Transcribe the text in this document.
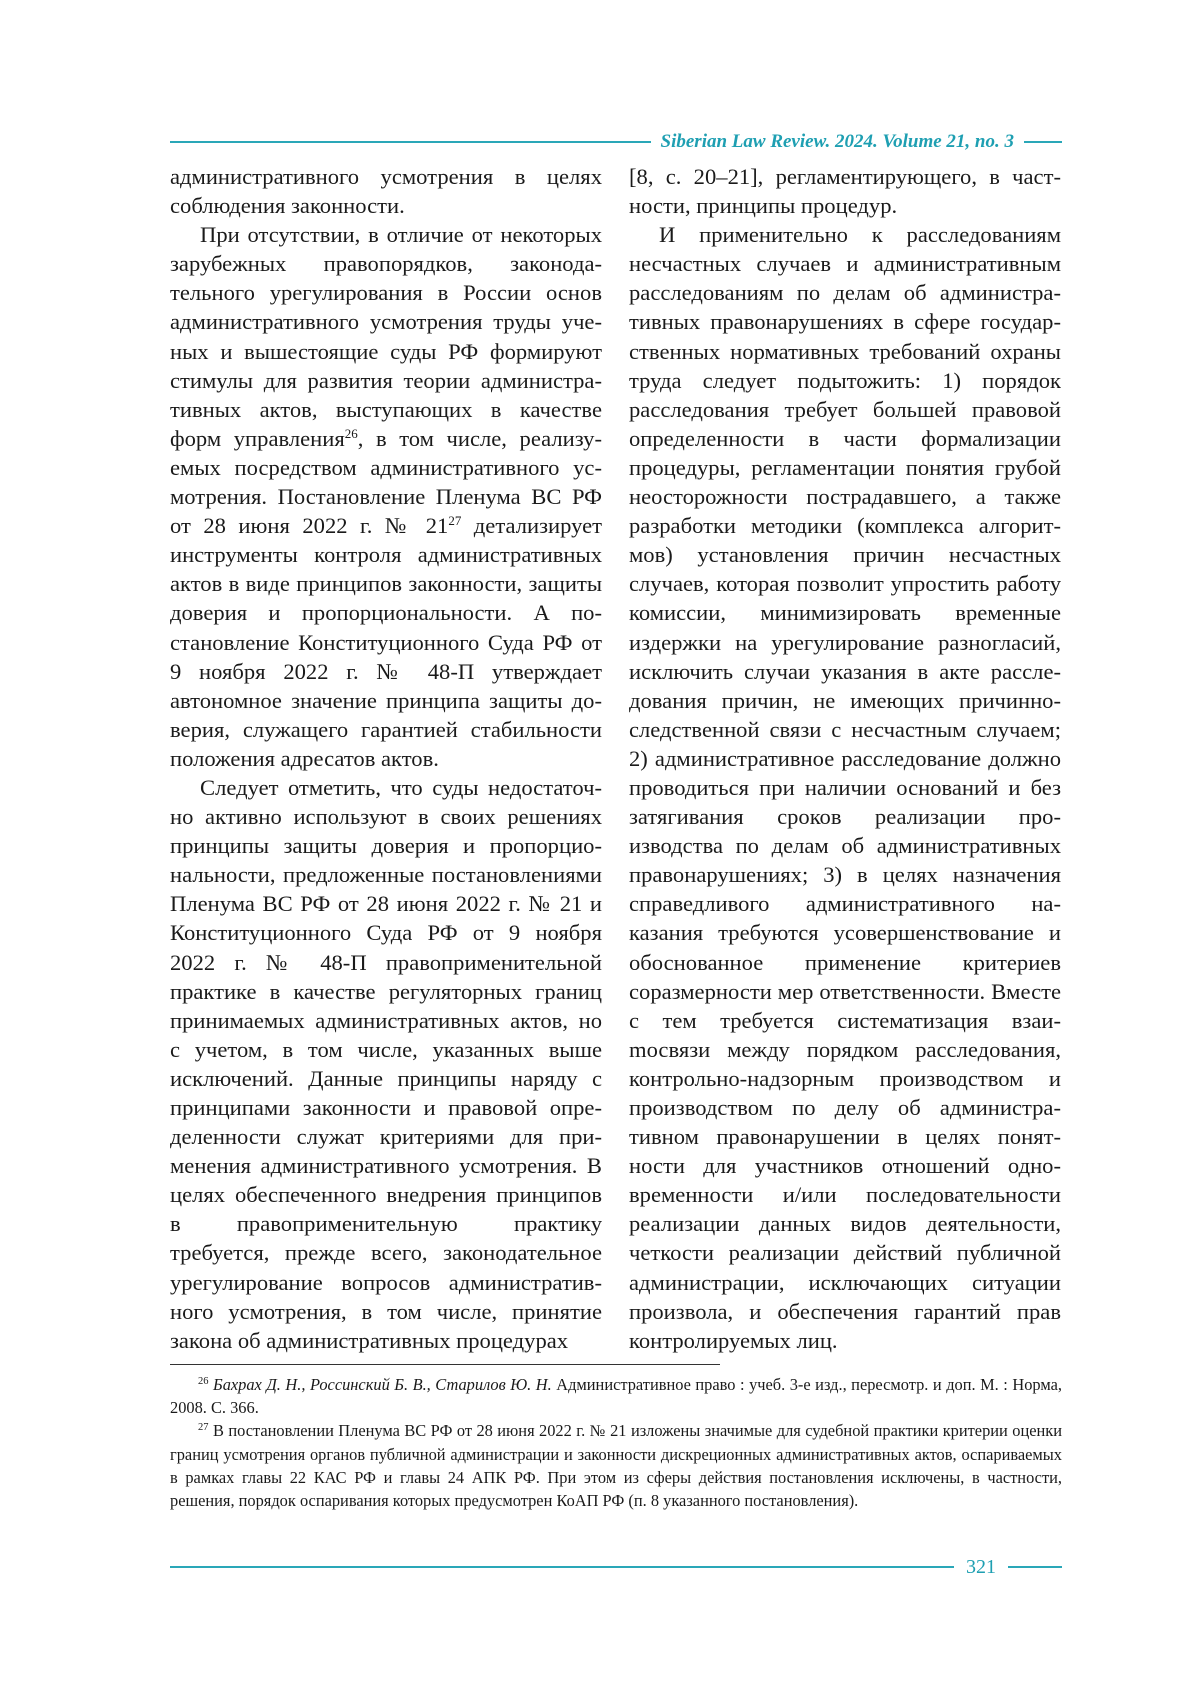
Siberian Law Review. 2024. Volume 21, no. 3

административного усмотрения в целях соблюдения законности.

При отсутствии, в отличие от некоторых зарубежных правопорядков, законодательного урегулирования в России основ административного усмотрения труды ученых и вышестоящие суды РФ формируют стимулы для развития теории административных актов, выступающих в качестве форм управления$^{26}$, в том числе, реализуемых посредством административного усмотрения. Постановление Пленума ВС РФ от 28 июня 2022 г. № $21^{27}$ детализирует инструменты контроля административных актов в виде принципов законности, защиты доверия и пропорциональности. А постановление Конституционного Суда РФ от 9 ноября 2022 г. № 48-П утверждает автономное значение принципа защиты доверия, служащего гарантией стабильности положения адресатов актов.

Следует отметить, что суды недостаточно активно используют в своих решениях принципы защиты доверия и пропорциональности, предложенные постановлениями Пленума ВС РФ от 28 июня 2022 г. № 21 и Конституционного Суда РФ от 9 ноября 2022 г. № 48-П правоприменительной практике в качестве регуляторных границ принимаемых административных актов, но с учетом, в том числе, указанных выше исключений. Данные принципы наряду с принципами законности и правовой определенности служат критериями для применения административного усмотрения. В целях обеспеченного внедрения принципов в правоприменительную практику требуется, прежде всего, законодательное урегулирование вопросов административного усмотрения, в том числе, принятие закона об административных процедурах

[8, с. 20–21], регламентирующего, в частности, принципы процедур.

И применительно к расследованиям несчастных случаев и административным расследованиям по делам об административных правонарушениях в сфере государственных нормативных требований охраны труда следует подытожить: 1) порядок расследования требует большей правовой определенности в части формализации процедуры, регламентации понятия грубой неосторожности пострадавшего, а также разработки методики (комплекса алгоритмов) установления причин несчастных случаев, которая позволит упростить работу комиссии, минимизировать временные издержки на урегулирование разногласий, исключить случаи указания в акте расследования причин, не имеющих причинно-следственной связи с несчастным случаем; 2) административное расследование должно проводиться при наличии оснований и без затягивания сроков реализации производства по делам об административных правонарушениях; 3) в целях назначения справедливого административного наказания требуются усовершенствование и обоснованное применение критериев соразмерности мер ответственности. Вместе с тем требуется систематизация взаиmосвязи между порядком расследования, контрольно-надзорным производством и производством по делу об административном правонарушении в целях понятности для участников отношений одновременности и/или последовательности реализации данных видов деятельности, четкости реализации действий публичной администрации, исключающих ситуации произвола, и обеспечения гарантий прав контролируемых лиц.

$^{26}$ Бахрах Д. Н., Россинский Б. В., Старилов Ю. Н. Административное право : учеб. 3-е изд., пересмотр. и доп. М. : Норма, 2008. С. 366.

$^{27}$ В постановлении Пленума ВС РФ от 28 июня 2022 г. № 21 изложены значимые для судебной практики критерии оценки границ усмотрения органов публичной администрации и законности дискреционных административных актов, оспариваемых в рамках главы 22 КАС РФ и главы 24 АПК РФ. При этом из сферы действия постановления исключены, в частности, решения, порядок оспаривания которых предусмотрен КоАП РФ (п. 8 указанного постановления).

321
